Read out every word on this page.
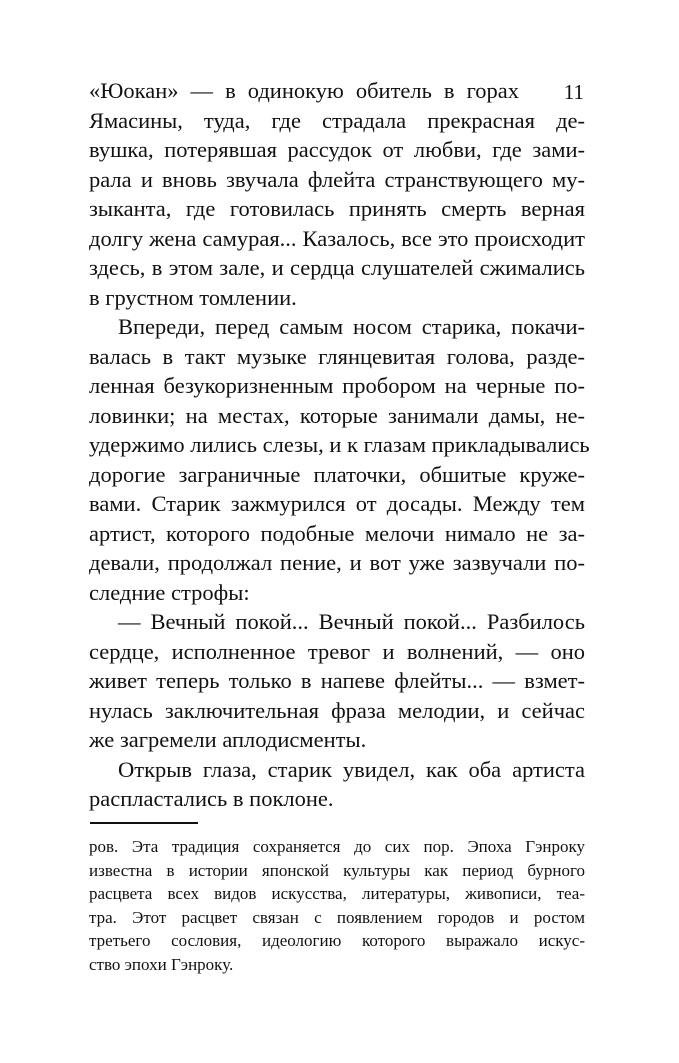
11
«Юокан» — в одинокую обитель в горах
Ямасины, туда, где страдала прекрасная де-
вушка, потерявшая рассудок от любви, где зами-
рала и вновь звучала флейта странствующего му-
зыканта, где готовилась принять смерть верная
долгу жена самурая... Казалось, все это происходит
здесь, в этом зале, и сердца слушателей сжимались
в грустном томлении.
Впереди, перед самым носом старика, покачи-
валась в такт музыке глянцевитая голова, разде-
ленная безукоризненным пробором на черные по-
ловинки; на местах, которые занимали дамы, не-
удержимо лились слезы, и к глазам прикладывались
дорогие заграничные платочки, обшитые круже-
вами. Старик зажмурился от досады. Между тем
артист, которого подобные мелочи нимало не за-
девали, продолжал пение, и вот уже зазвучали по-
следние строфы:
— Вечный покой... Вечный покой... Разбилось
сердце, исполненное тревог и волнений, — оно
живет теперь только в напеве флейты... — взмет-
нулась заключительная фраза мелодии, и сейчас
же загремели аплодисменты.
Открыв глаза, старик увидел, как оба артиста
распластались в поклоне.
ров. Эта традиция сохраняется до сих пор. Эпоха Гэнроку
известна в истории японской культуры как период бурного
расцвета всех видов искусства, литературы, живописи, теа-
тра. Этот расцвет связан с появлением городов и ростом
третьего сословия, идеологию которого выражало искус-
ство эпохи Гэнроку.
